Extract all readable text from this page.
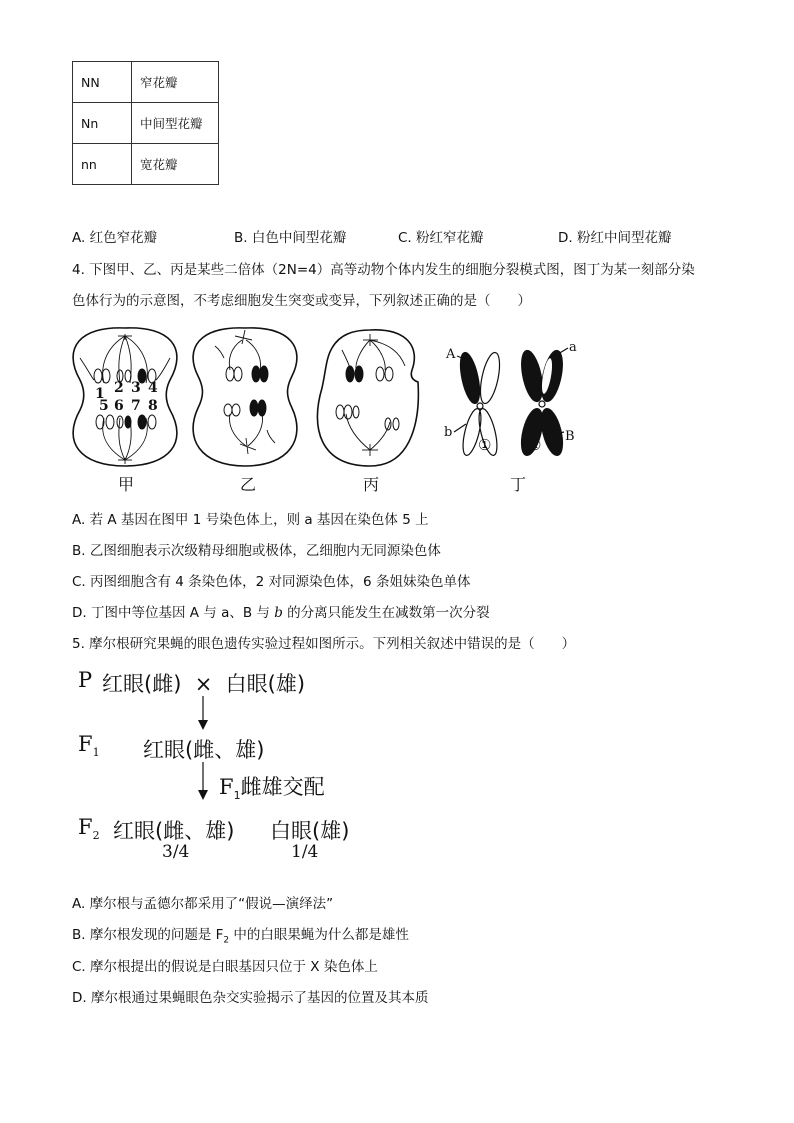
NN	窄花瓣
Nn	中间型花瓣
nn	宽花瓣
A. 红色窄花瓣	B. 白色中间型花瓣	C. 粉红窄花瓣	D. 粉红中间型花瓣
4. 下图甲、乙、丙是某些二倍体（2N=4）高等动物个体内发生的细胞分裂模式图，图丁为某一刻部分染
色体行为的示意图，不考虑细胞发生突变或变异，下列叙述正确的是（　　）
1 2 3 4
5 6 7 8
A	a
b	B
① ②
甲	乙	丙	丁
A. 若 A 基因在图甲 1 号染色体上，则 a 基因在染色体 5 上
B. 乙图细胞表示次级精母细胞或极体，乙细胞内无同源染色体
C. 丙图细胞含有 4 条染色体，2 对同源染色体，6 条姐妹染色单体
D. 丁图中等位基因 A 与 a、B 与 b 的分离只能发生在减数第一次分裂
5. 摩尔根研究果蝇的眼色遗传实验过程如图所示。下列相关叙述中错误的是（　　）
P 红眼(雌)  ×  白眼(雄)
$F_1$ 红眼(雌、雄)
$F_1$雌雄交配
$F_2$ 红眼(雌、雄) 白眼(雄)
3/4	1/4
A. 摩尔根与孟德尔都采用了“假说—演绎法”
B. 摩尔根发现的问题是 $F_2$ 中的白眼果蝇为什么都是雄性
C. 摩尔根提出的假说是白眼基因只位于 X 染色体上
D. 摩尔根通过果蝇眼色杂交实验揭示了基因的位置及其本质
